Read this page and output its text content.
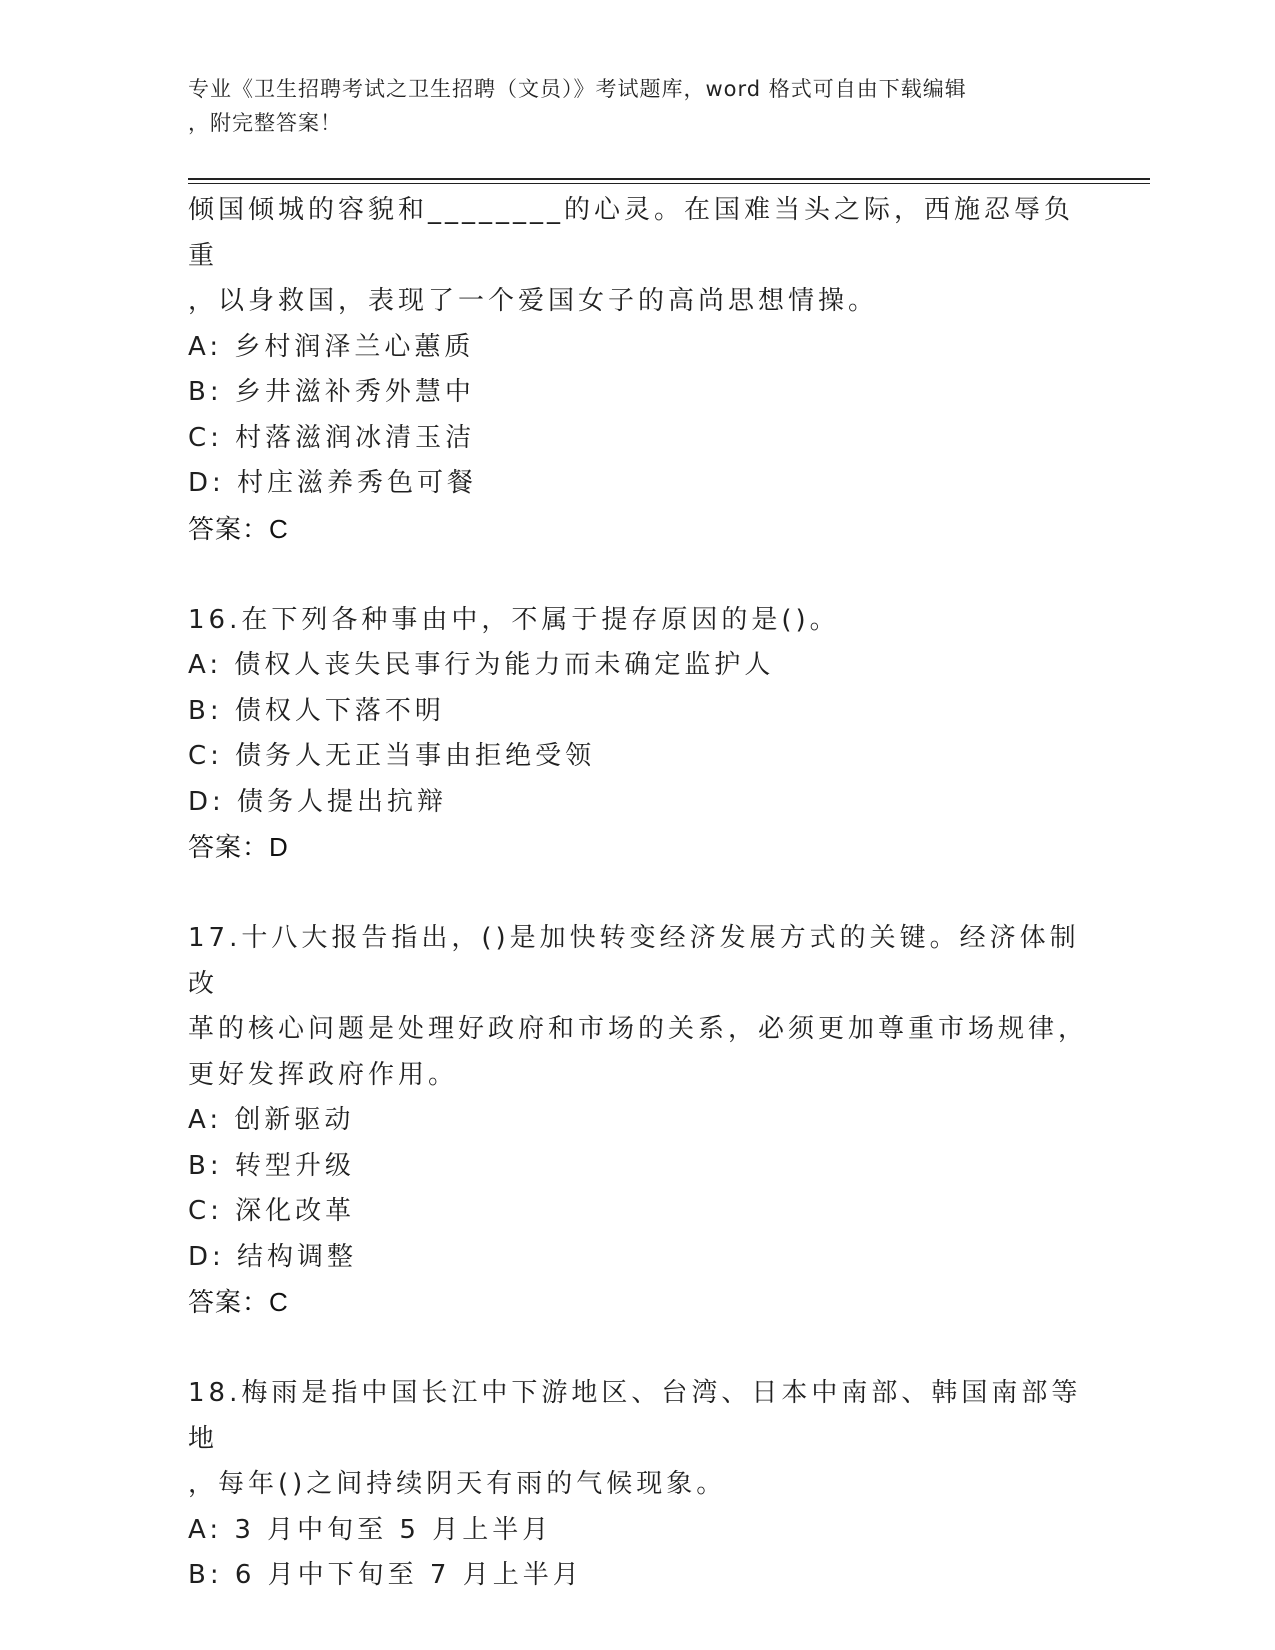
专业《卫生招聘考试之卫生招聘（文员）》考试题库，word 格式可自由下载编辑
，附完整答案！

倾国倾城的容貌和________的心灵。在国难当头之际，西施忍辱负重

，以身救国，表现了一个爱国女子的高尚思想情操。

A: 乡村润泽兰心蕙质

B: 乡井滋补秀外慧中

C: 村落滋润冰清玉洁

D: 村庄滋养秀色可餐

答案：C

16.在下列各种事由中，不属于提存原因的是()。

A: 债权人丧失民事行为能力而未确定监护人

B: 债权人下落不明

C: 债务人无正当事由拒绝受领

D: 债务人提出抗辩

答案：D

17.十八大报告指出，()是加快转变经济发展方式的关键。经济体制改

革的核心问题是处理好政府和市场的关系，必须更加尊重市场规律，

更好发挥政府作用。

A: 创新驱动

B: 转型升级

C: 深化改革

D: 结构调整

答案：C

18.梅雨是指中国长江中下游地区、台湾、日本中南部、韩国南部等地

，每年()之间持续阴天有雨的气候现象。

A: 3 月中旬至 5 月上半月

B: 6 月中下旬至 7 月上半月
